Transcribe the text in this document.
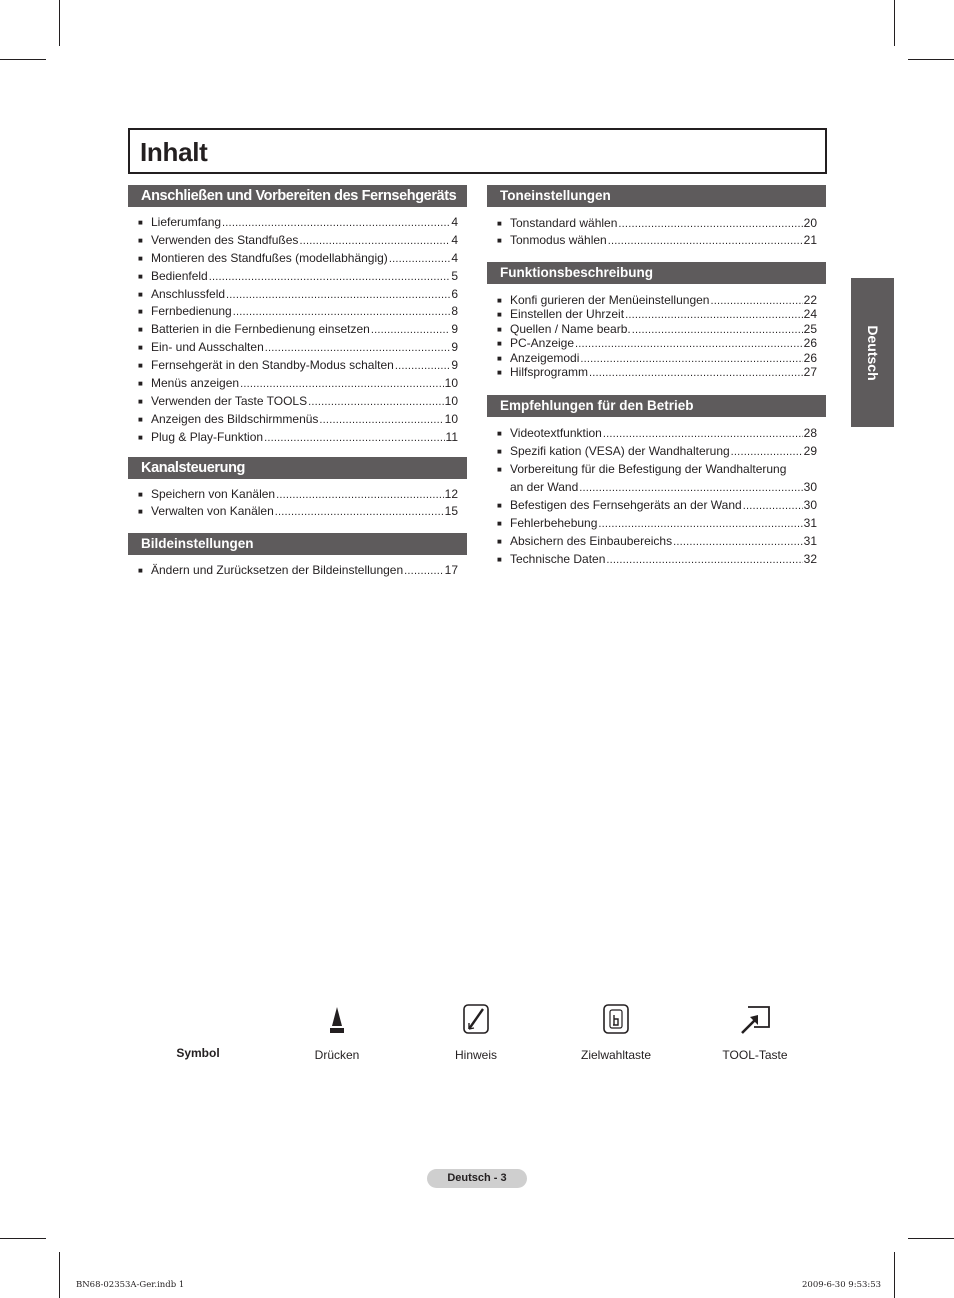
Inhalt
Deutsch
Anschließen und Vorbereiten des Fernsehgeräts
■ Lieferumfang .....	4
■ Verwenden des Standfußes .....	4
■ Montieren des Standfußes (modellabhängig) .....	4
■ Bedienfeld .....	5
■ Anschlussfeld .....	6
■ Fernbedienung .....	8
■ Batterien in die Fernbedienung einsetzen .....	9
■ Ein- und Ausschalten .....	9
■ Fernsehgerät in den Standby-Modus schalten .....	9
■ Menüs anzeigen .....	10
■ Verwenden der Taste TOOLS .....	10
■ Anzeigen des Bildschirmmenüs .....	10
■ Plug & Play-Funktion .....	11
Kanalsteuerung
■ Speichern von Kanälen .....	12
■ Verwalten von Kanälen .....	15
Bildeinstellungen
■ Ändern und Zurücksetzen der Bildeinstellungen .....	17
Toneinstellungen
■ Tonstandard wählen .....	20
■ Tonmodus wählen .....	21
Funktionsbeschreibung
■ Konfi gurieren der Menüeinstellungen .....	22
■ Einstellen der Uhrzeit .....	24
■ Quellen / Name bearb. .....	25
■ PC-Anzeige .....	26
■ Anzeigemodi .....	26
■ Hilfsprogramm .....	27
Empfehlungen für den Betrieb
■ Videotextfunktion .....	28
■ Spezifi kation (VESA) der Wandhalterung .....	29
■ Vorbereitung für die Befestigung der Wandhalterung
an der Wand .....	30
■ Befestigen des Fernsehgeräts an der Wand .....	30
■ Fehlerbehebung .....	31
■ Absichern des Einbaubereichs .....	31
■ Technische Daten .....	32
Symbol	Drücken	Hinweis	Zielwahltaste	TOOL-Taste
Deutsch - 3
BN68-02353A-Ger.indb 1	2009-6-30 9:53:53
